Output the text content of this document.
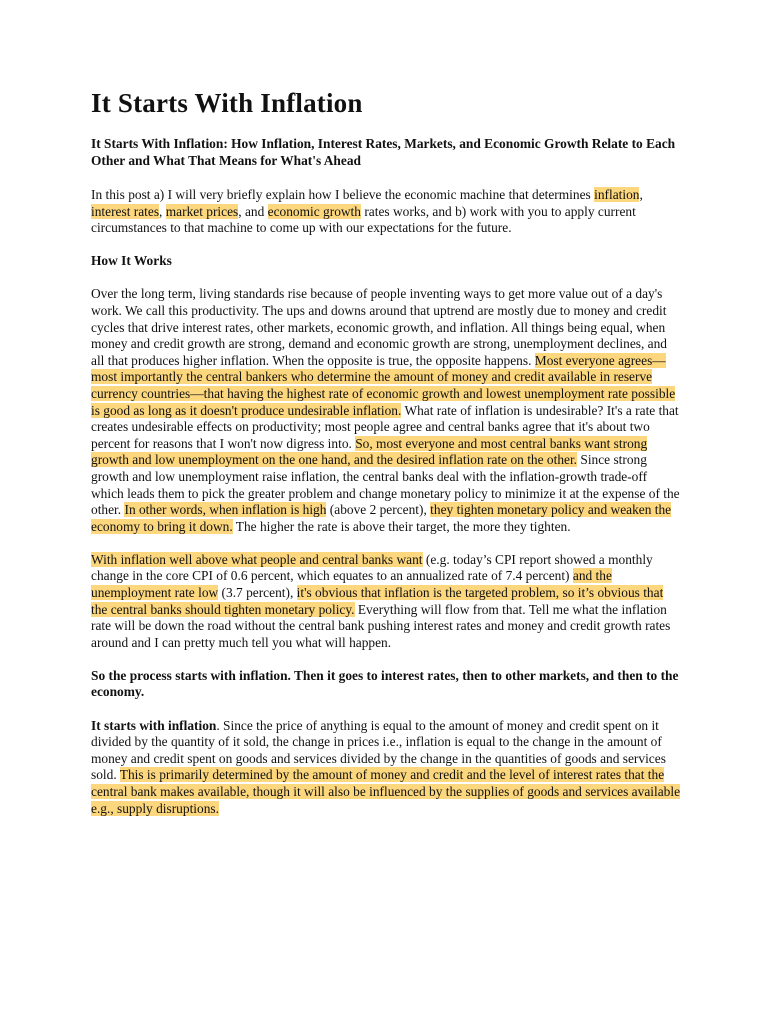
It Starts With Inflation
It Starts With Inflation: How Inflation, Interest Rates, Markets, and Economic Growth Relate to Each Other and What That Means for What's Ahead

In this post a) I will very briefly explain how I believe the economic machine that determines inflation, interest rates, market prices, and economic growth rates works, and b) work with you to apply current circumstances to that machine to come up with our expectations for the future.

How It Works

Over the long term, living standards rise because of people inventing ways to get more value out of a day's work. We call this productivity. The ups and downs around that uptrend are mostly due to money and credit cycles that drive interest rates, other markets, economic growth, and inflation. All things being equal, when money and credit growth are strong, demand and economic growth are strong, unemployment declines, and all that produces higher inflation. When the opposite is true, the opposite happens. Most everyone agrees—most importantly the central bankers who determine the amount of money and credit available in reserve currency countries—that having the highest rate of economic growth and lowest unemployment rate possible is good as long as it doesn't produce undesirable inflation. What rate of inflation is undesirable? It's a rate that creates undesirable effects on productivity; most people agree and central banks agree that it's about two percent for reasons that I won't now digress into. So, most everyone and most central banks want strong growth and low unemployment on the one hand, and the desired inflation rate on the other. Since strong growth and low unemployment raise inflation, the central banks deal with the inflation-growth trade-off which leads them to pick the greater problem and change monetary policy to minimize it at the expense of the other. In other words, when inflation is high (above 2 percent), they tighten monetary policy and weaken the economy to bring it down. The higher the rate is above their target, the more they tighten.

With inflation well above what people and central banks want (e.g. today’s CPI report showed a monthly change in the core CPI of 0.6 percent, which equates to an annualized rate of 7.4 percent) and the unemployment rate low (3.7 percent), it's obvious that inflation is the targeted problem, so it’s obvious that the central banks should tighten monetary policy. Everything will flow from that. Tell me what the inflation rate will be down the road without the central bank pushing interest rates and money and credit growth rates around and I can pretty much tell you what will happen.

So the process starts with inflation. Then it goes to interest rates, then to other markets, and then to the economy.

It starts with inflation. Since the price of anything is equal to the amount of money and credit spent on it divided by the quantity of it sold, the change in prices i.e., inflation is equal to the change in the amount of money and credit spent on goods and services divided by the change in the quantities of goods and services sold. This is primarily determined by the amount of money and credit and the level of interest rates that the central bank makes available, though it will also be influenced by the supplies of goods and services available e.g., supply disruptions.
